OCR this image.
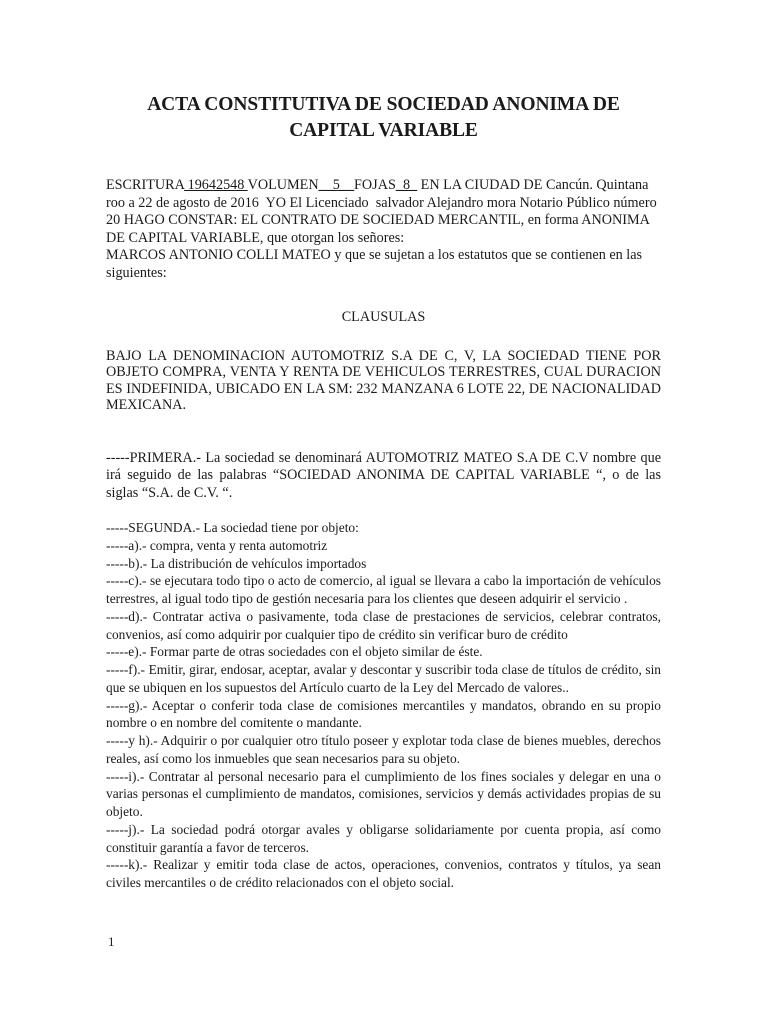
ACTA CONSTITUTIVA DE SOCIEDAD ANONIMA DE
CAPITAL VARIABLE
ESCRITURA 19642548 VOLUMEN__5__FOJAS_8_ EN LA CIUDAD DE Cancún. Quintana roo a 22 de agosto de 2016  YO El Licenciado  salvador Alejandro mora Notario Público número 20 HAGO CONSTAR: EL CONTRATO DE SOCIEDAD MERCANTIL, en forma ANONIMA DE CAPITAL VARIABLE, que otorgan los señores:
MARCOS ANTONIO COLLI MATEO y que se sujetan a los estatutos que se contienen en las siguientes:
CLAUSULAS
BAJO LA DENOMINACION AUTOMOTRIZ S.A DE C, V, LA SOCIEDAD TIENE POR OBJETO COMPRA, VENTA Y RENTA DE VEHICULOS TERRESTRES, CUAL DURACION ES INDEFINIDA, UBICADO EN LA SM: 232 MANZANA 6 LOTE 22, DE NACIONALIDAD MEXICANA.
-----PRIMERA.- La sociedad se denominará AUTOMOTRIZ MATEO S.A DE C.V nombre que irá seguido de las palabras “SOCIEDAD ANONIMA DE CAPITAL VARIABLE “, o de las siglas “S.A. de C.V. “.
-----SEGUNDA.- La sociedad tiene por objeto:
-----a).- compra, venta y renta automotriz
-----b).- La distribución de vehículos importados
-----c).- se ejecutara todo tipo o acto de comercio, al igual se llevara a cabo la importación de vehículos terrestres, al igual todo tipo de gestión necesaria para los clientes que deseen adquirir el servicio .
-----d).- Contratar activa o pasivamente, toda clase de prestaciones de servicios, celebrar contratos, convenios, así como adquirir por cualquier tipo de crédito sin verificar buro de crédito
-----e).- Formar parte de otras sociedades con el objeto similar de éste.
-----f).- Emitir, girar, endosar, aceptar, avalar y descontar y suscribir toda clase de títulos de crédito, sin que se ubiquen en los supuestos del Artículo cuarto de la Ley del Mercado de valores..
-----g).- Aceptar o conferir toda clase de comisiones mercantiles y mandatos, obrando en su propio nombre o en nombre del comitente o mandante.
-----y h).- Adquirir o por cualquier otro título poseer y explotar toda clase de bienes muebles, derechos reales, así como los inmuebles que sean necesarios para su objeto.
-----i).- Contratar al personal necesario para el cumplimiento de los fines sociales y delegar en una o varias personas el cumplimiento de mandatos, comisiones, servicios y demás actividades propias de su objeto.
-----j).- La sociedad podrá otorgar avales y obligarse solidariamente por cuenta propia, así como constituir garantía a favor de terceros.
-----k).- Realizar y emitir toda clase de actos, operaciones, convenios, contratos y títulos, ya sean civiles mercantiles o de crédito relacionados con el objeto social.
1
